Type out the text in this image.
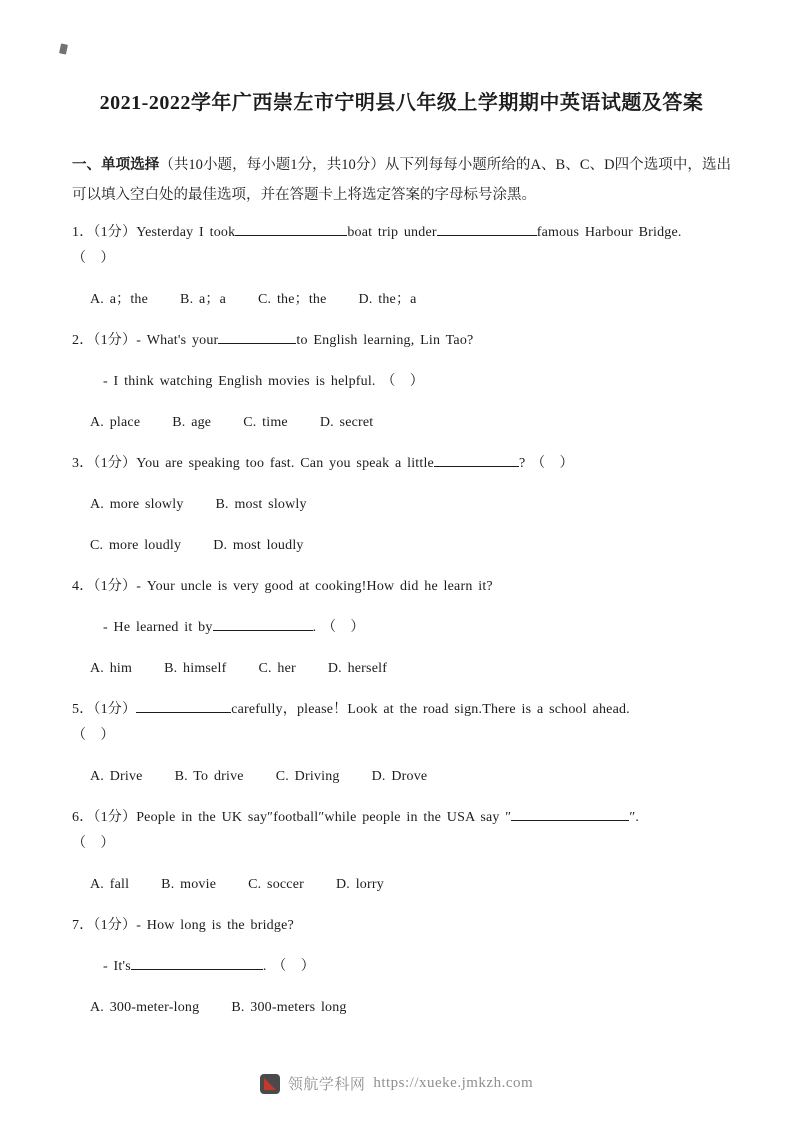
2021-2022学年广西崇左市宁明县八年级上学期期中英语试题及答案

一、单项选择（共10小题，每小题1分，共10分）从下列每每小题所给的A、B、C、D四个选项中，选出可以填入空白处的最佳选项，并在答题卡上将选定答案的字母标号涂黑。

1．（1分）Yesterday I took	boat trip under	famous Harbour Bridge.
（　）
A. a；the B. a；a C. the；the D. the；a
2．（1分）- What's your	to English learning, Lin Tao?
- I think watching English movies is helpful. （　）
A. place B. age C. time D. secret
3．（1分）You are speaking too fast. Can you speak a little	? （　）
A. more slowly B. most slowly
C. more loudly D. most loudly
4．（1分）- Your uncle is very good at cooking!How did he learn it?
- He learned it by	. （　）
A. him B. himself C. her D. herself
5．（1分）	carefully，please！Look at the road sign.There is a school ahead.
（　）
A. Drive B. To drive C. Driving D. Drove
6．（1分）People in the UK say″football″while people in the USA say ″	″.
（　）
A. fall B. movie C. soccer D. lorry
7．（1分）- How long is the bridge?
- It's	. （　）
A. 300-meter-long B. 300-meters long
领航学科网 https://xueke.jmkzh.com
